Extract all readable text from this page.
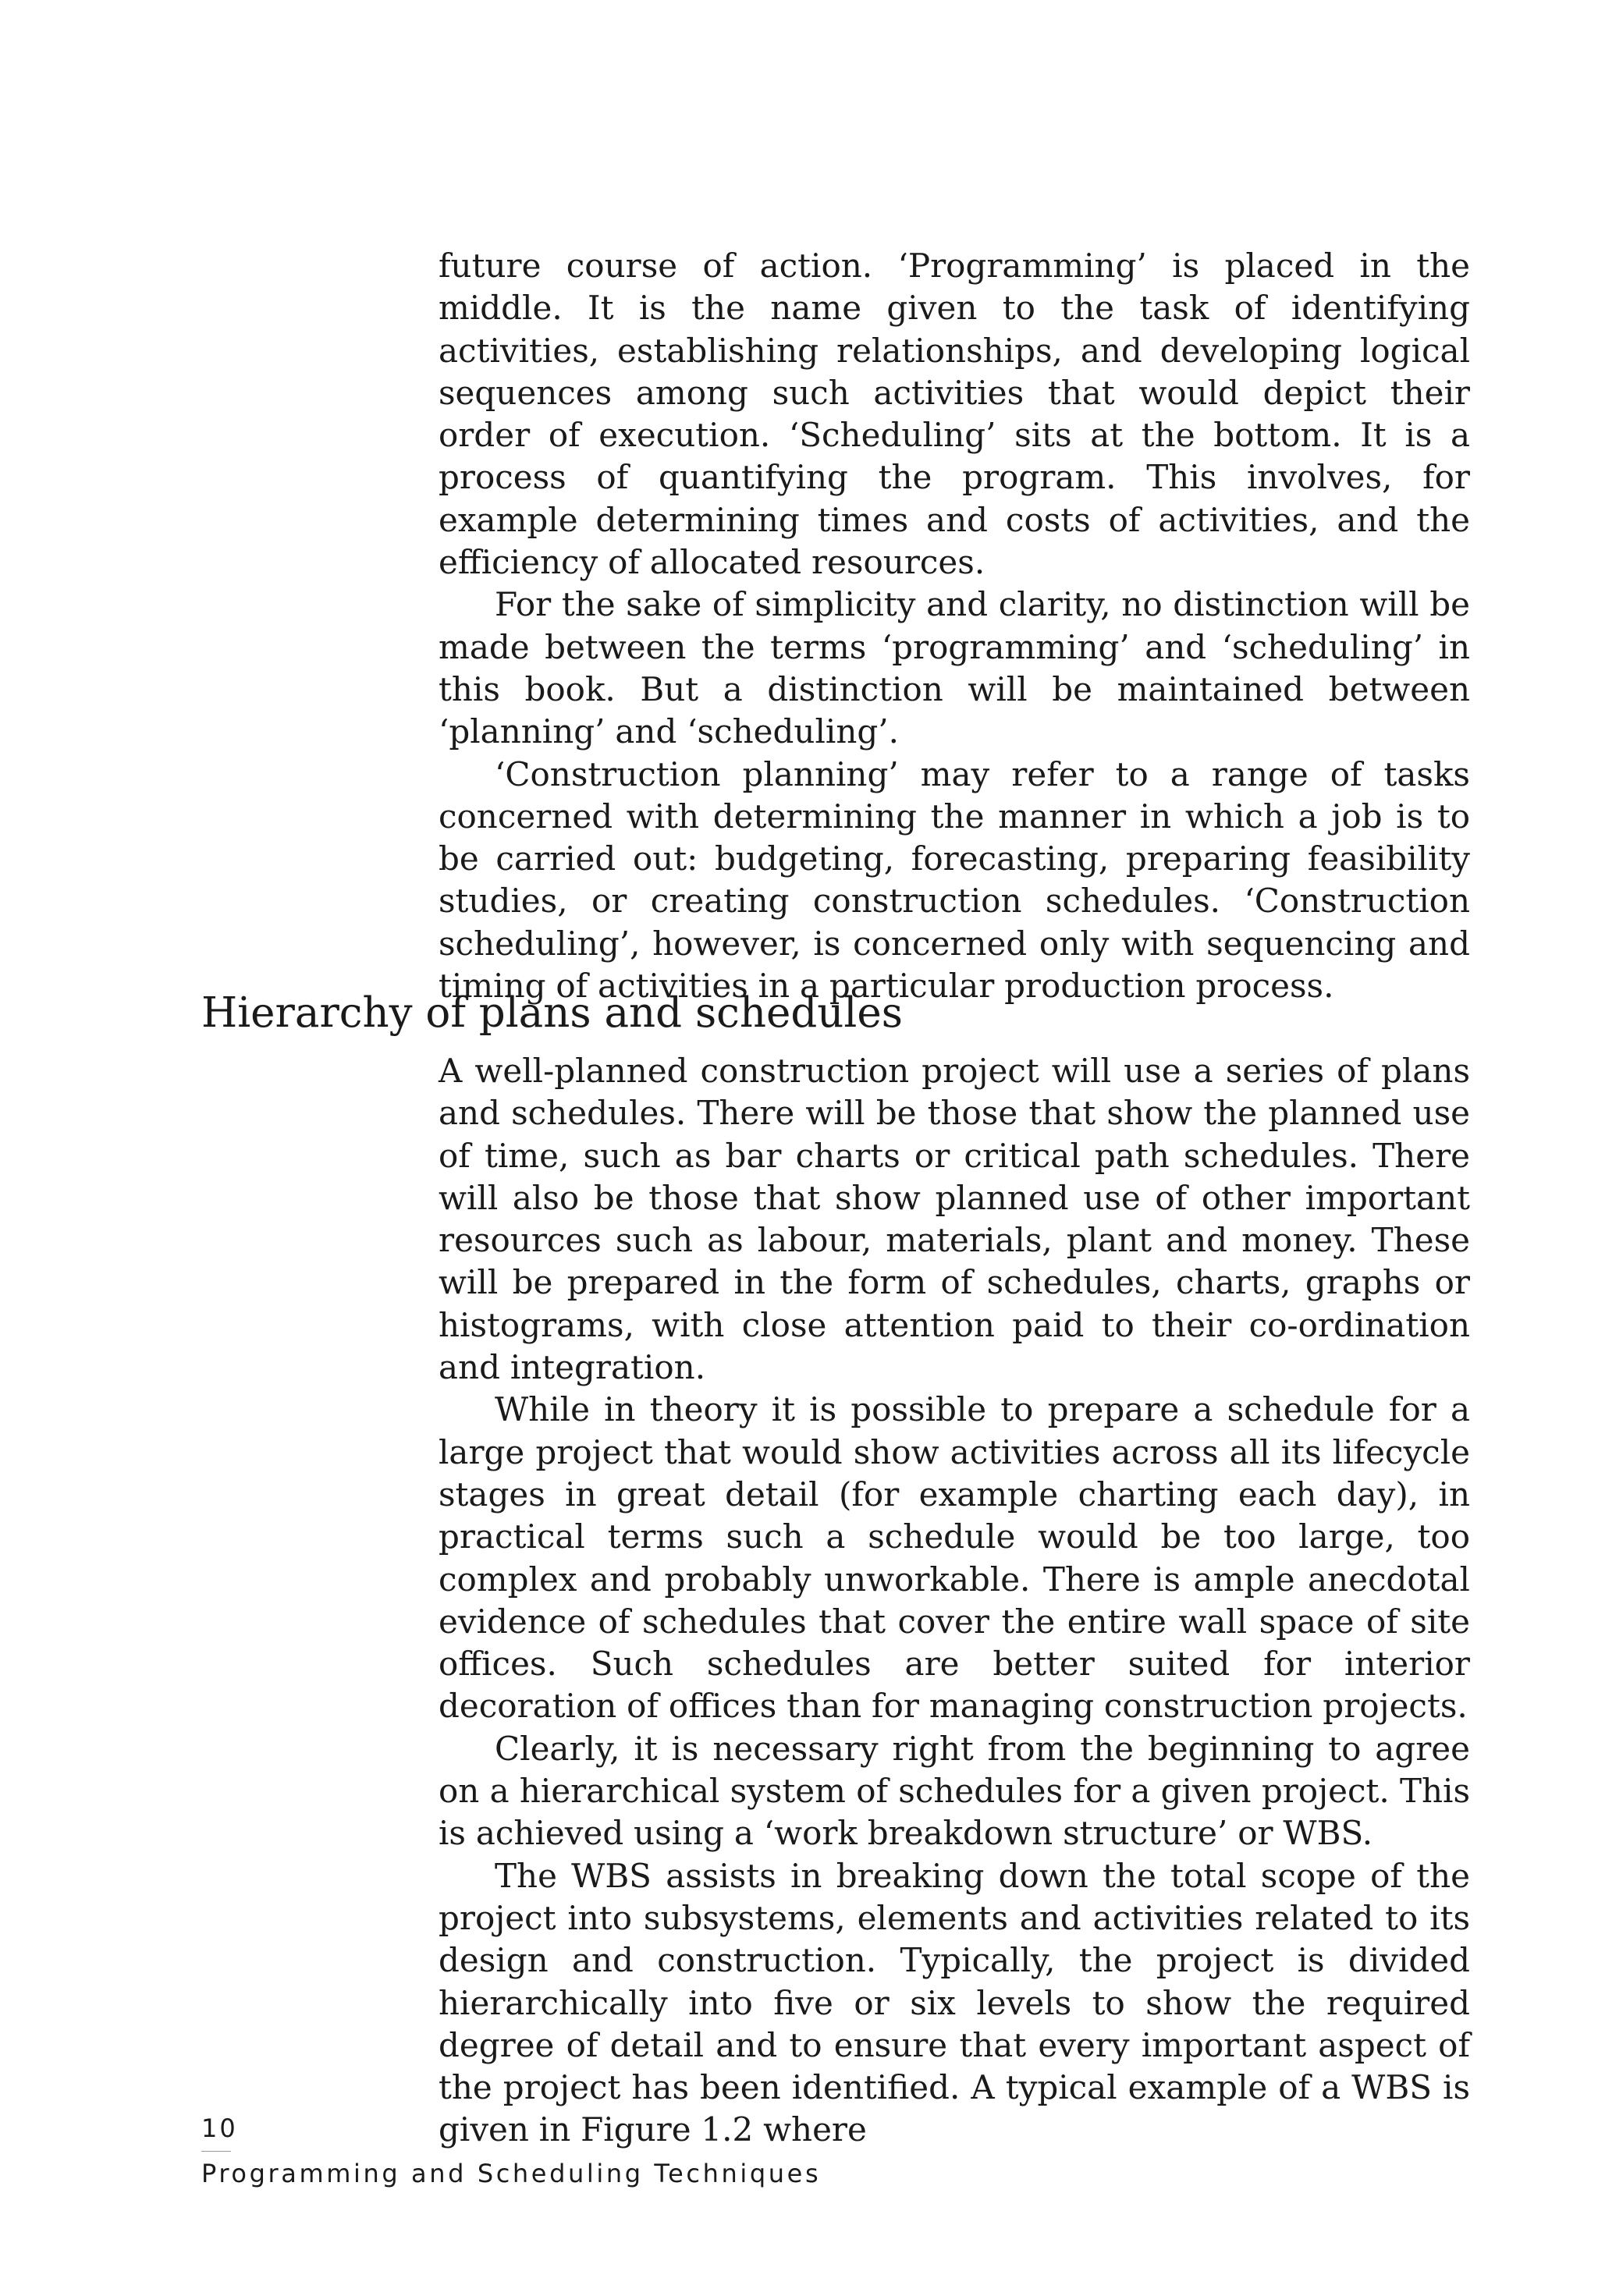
future course of action. ‘Programming’ is placed in the middle. It is the name given to the task of identifying activities, establishing relationships, and developing logical sequences among such activities that would depict their order of execution. ‘Scheduling’ sits at the bottom. It is a process of quantifying the program. This involves, for example determining times and costs of activities, and the efficiency of allocated resources.

For the sake of simplicity and clarity, no distinction will be made between the terms ‘programming’ and ‘scheduling’ in this book. But a distinction will be maintained between ‘planning’ and ‘scheduling’.

‘Construction planning’ may refer to a range of tasks concerned with determining the manner in which a job is to be carried out: budgeting, forecasting, preparing feasibility studies, or creating construction schedules. ‘Construction scheduling’, however, is concerned only with sequencing and timing of activities in a particular production process.

Hierarchy of plans and schedules

A well-planned construction project will use a series of plans and schedules. There will be those that show the planned use of time, such as bar charts or critical path schedules. There will also be those that show planned use of other important resources such as labour, materials, plant and money. These will be prepared in the form of schedules, charts, graphs or histograms, with close attention paid to their co-ordination and integration.

While in theory it is possible to prepare a schedule for a large project that would show activities across all its lifecycle stages in great detail (for example charting each day), in practical terms such a schedule would be too large, too complex and probably unworkable. There is ample anecdotal evidence of schedules that cover the entire wall space of site offices. Such schedules are better suited for interior decoration of offices than for managing construction projects.

Clearly, it is necessary right from the beginning to agree on a hierarchical system of schedules for a given project. This is achieved using a ‘work breakdown structure’ or WBS.

The WBS assists in breaking down the total scope of the project into subsystems, elements and activities related to its design and construction. Typically, the project is divided hierarchically into five or six levels to show the required degree of detail and to ensure that every important aspect of the project has been identified. A typical example of a WBS is given in Figure 1.2 where

10
Programming and Scheduling Techniques
